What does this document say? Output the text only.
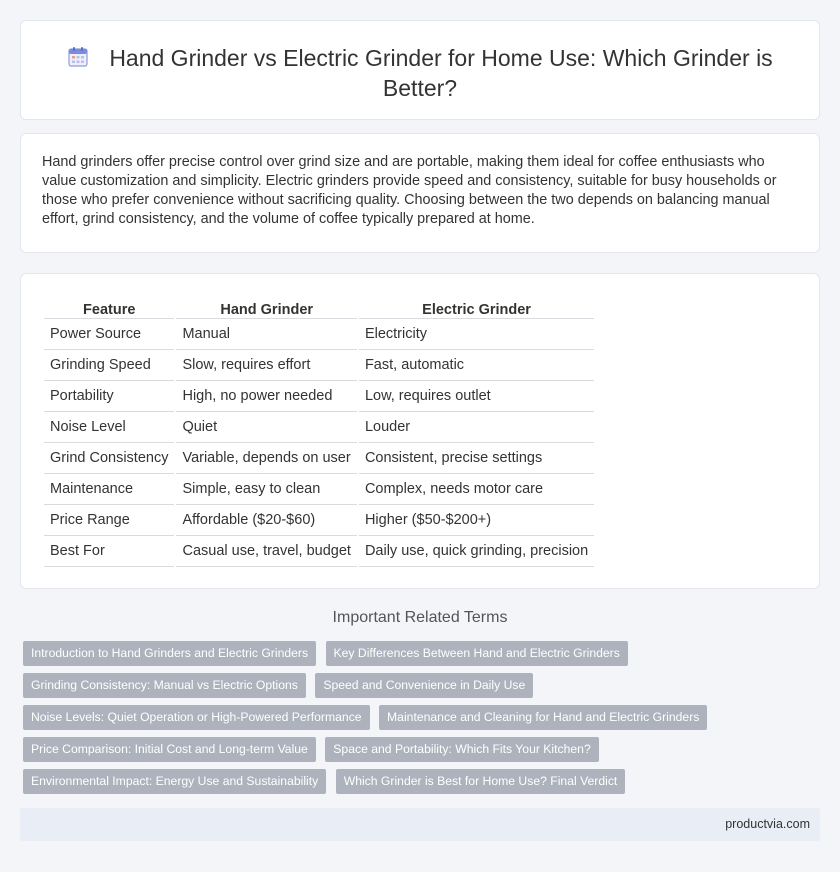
Hand Grinder vs Electric Grinder for Home Use: Which Grinder is Better?

Hand grinders offer precise control over grind size and are portable, making them ideal for coffee enthusiasts who value customization and simplicity. Electric grinders provide speed and consistency, suitable for busy households or those who prefer convenience without sacrificing quality. Choosing between the two depends on balancing manual effort, grind consistency, and the volume of coffee typically prepared at home.

Feature	Hand Grinder	Electric Grinder
Power Source	Manual	Electricity
Grinding Speed	Slow, requires effort	Fast, automatic
Portability	High, no power needed	Low, requires outlet
Noise Level	Quiet	Louder
Grind Consistency	Variable, depends on user	Consistent, precise settings
Maintenance	Simple, easy to clean	Complex, needs motor care
Price Range	Affordable ($20-$60)	Higher ($50-$200+)
Best For	Casual use, travel, budget	Daily use, quick grinding, precision
Important Related Terms
Introduction to Hand Grinders and Electric Grinders Key Differences Between Hand and Electric Grinders
Grinding Consistency: Manual vs Electric Options Speed and Convenience in Daily Use
Noise Levels: Quiet Operation or High-Powered Performance Maintenance and Cleaning for Hand and Electric Grinders
Price Comparison: Initial Cost and Long-term Value Space and Portability: Which Fits Your Kitchen?
Environmental Impact: Energy Use and Sustainability Which Grinder is Best for Home Use? Final Verdict
productvia.com
